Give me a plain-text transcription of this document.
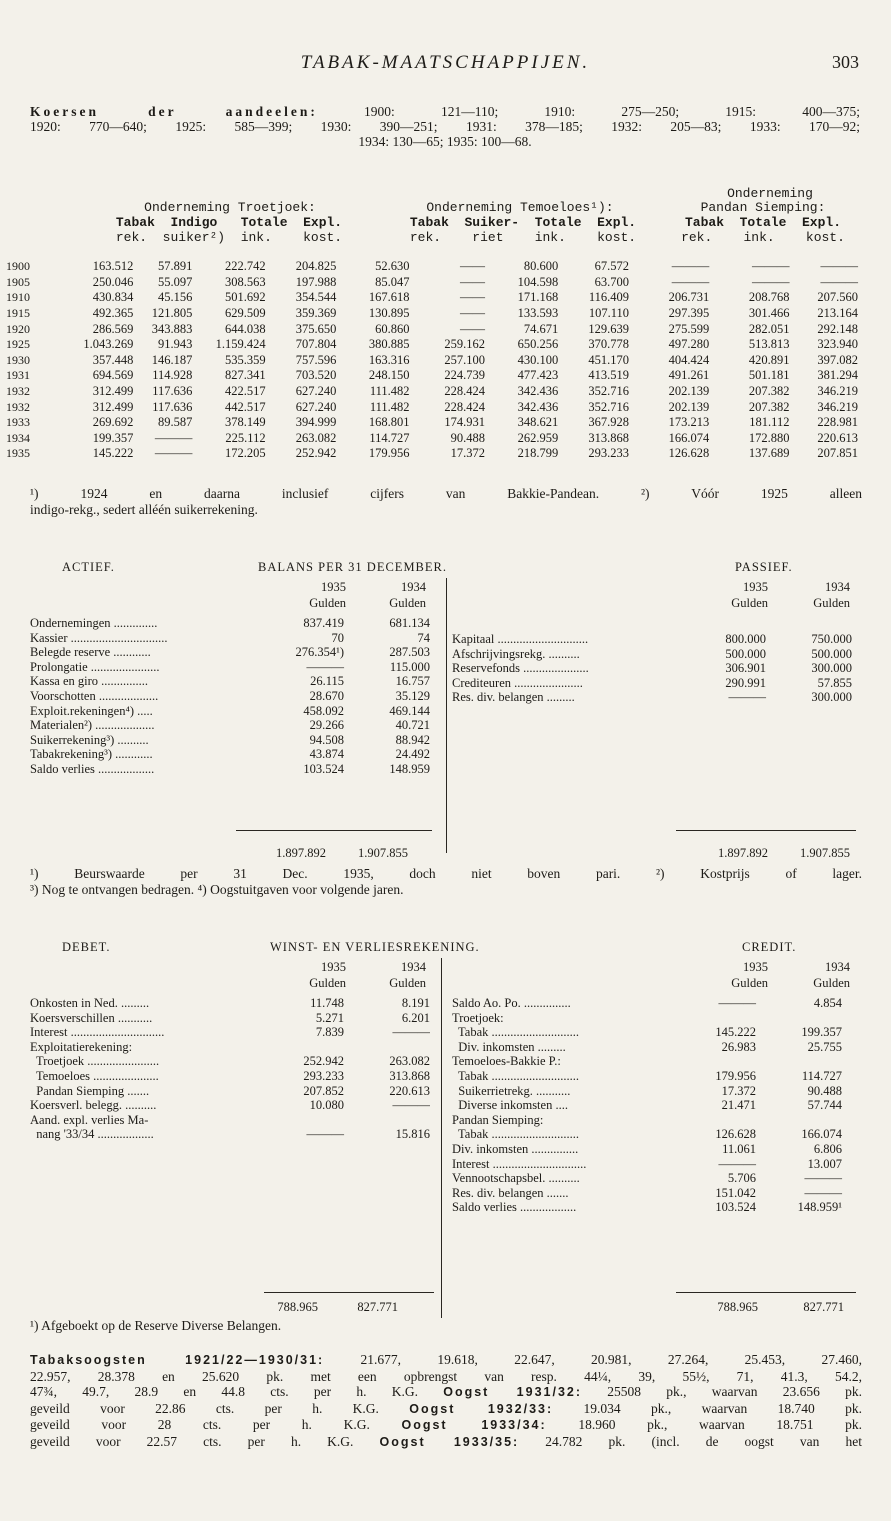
TABAK-MAATSCHAPPIJEN.	303

Koersen der aandeelen:	1900: 121—110; 1910: 275—250; 1915: 400—375;

1920: 770—640; 1925: 585—399; 1930: 390—251; 1931: 378—185; 1932: 205—83; 1933: 170—92;

1934: 130—65; 1935: 100—68.

Onderneming
Onderneming Troetjoek:	Onderneming Temoeloes¹):	Pandan Siemping:
Tabak  Indigo   Totale  Expl.
rek.  suiker²)  ink.    kost.
Tabak  Suiker-  Totale  Expl.
rek.    riet    ink.    kost.
Tabak  Totale  Expl.
rek.    ink.    kost.
1900	163.512	57.891	222.742	204.825	52.630	——	80.600	67.572	———	———	———
1905	250.046	55.097	308.563	197.988	85.047	——	104.598	63.700	———	———	———
1910	430.834	45.156	501.692	354.544	167.618	——	171.168	116.409	206.731	208.768	207.560
1915	492.365	121.805	629.509	359.369	130.895	——	133.593	107.110	297.395	301.466	213.164
1920	286.569	343.883	644.038	375.650	60.860	——	74.671	129.639	275.599	282.051	292.148
1925	1.043.269	91.943	1.159.424	707.804	380.885	259.162	650.256	370.778	497.280	513.813	323.940
1930	357.448	146.187	535.359	757.596	163.316	257.100	430.100	451.170	404.424	420.891	397.082
1931	694.569	114.928	827.341	703.520	248.150	224.739	477.423	413.519	491.261	501.181	381.294
1932	312.499	117.636	422.517	627.240	111.482	228.424	342.436	352.716	202.139	207.382	346.219
1932	312.499	117.636	442.517	627.240	111.482	228.424	342.436	352.716	202.139	207.382	346.219
1933	269.692	89.587	378.149	394.999	168.801	174.931	348.621	367.928	173.213	181.112	228.981
1934	199.357	———	225.112	263.082	114.727	90.488	262.959	313.868	166.074	172.880	220.613
1935	145.222	———	172.205	252.942	179.956	17.372	218.799	293.233	126.628	137.689	207.851
¹) 1924 en daarna inclusief cijfers van Bakkie-Pandean. ²) Vóór 1925 alleen
indigo-rekg., sedert alléén suikerrekening.
ACTIEF.	BALANS PER 31 DECEMBER.	PASSIEF.
1935	1934
Gulden	Gulden
1935	1934
Gulden	Gulden
Ondernemingen ..............	837.419	681.134
Kassier ...............................	70	74
Belegde reserve ............	276.354¹)	287.503
Prolongatie ......................	———	115.000
Kassa en giro ...............	26.115	16.757
Voorschotten ...................	28.670	35.129
Exploit.rekeningen⁴) .....	458.092	469.144
Materialen²) ...................	29.266	40.721
Suikerrekening³) ..........	94.508	88.942
Tabakrekening³) ............	43.874	24.492
Saldo verlies ..................	103.524	148.959
Kapitaal .............................	800.000	750.000
Afschrijvingsrekg. ..........	500.000	500.000
Reservefonds .....................	306.901	300.000
Crediteuren ......................	290.991	57.855
Res. div. belangen .........	———	300.000
1.897.892	1.907.855	1.897.892	1.907.855
¹) Beurswaarde per 31 Dec. 1935, doch niet boven pari. ²) Kostprijs of lager.
³) Nog te ontvangen bedragen. ⁴) Oogstuitgaven voor volgende jaren.
DEBET.	WINST- EN VERLIESREKENING.	CREDIT.
1935	1934
Gulden	Gulden
1935	1934
Gulden	Gulden
Onkosten in Ned. .........	11.748	8.191
Koersverschillen ...........	5.271	6.201
Interest ..............................	7.839	———
Exploitatierekening:
Troetjoek .......................	252.942	263.082
Temoeloes .....................	293.233	313.868
Pandan Siemping .......	207.852	220.613
Koersverl. belegg. ..........	10.080	———
Aand. expl. verlies Ma-
nang '33/34 ..................	———	15.816
Saldo Ao. Po. ...............	———	4.854
Troetjoek:
Tabak ............................	145.222	199.357
Div. inkomsten .........	26.983	25.755
Temoeloes-Bakkie P.:
Tabak ............................	179.956	114.727
Suikerrietrekg. ...........	17.372	90.488
Diverse inkomsten ....	21.471	57.744
Pandan Siemping:
Tabak ............................	126.628	166.074
Div. inkomsten ...............	11.061	6.806
Interest ..............................	———	13.007
Vennootschapsbel. ..........	5.706	———
Res. div. belangen .......	151.042	———
Saldo verlies ..................	103.524	148.959¹
788.965	827.771	788.965	827.771
¹) Afgeboekt op de Reserve Diverse Belangen.

Tabaksoogsten 1921/22—1930/31: 21.677, 19.618, 22.647, 20.981, 27.264, 25.453, 27.460,

22.957, 28.378 en 25.620 pk. met een opbrengst van resp. 44¼, 39, 55½, 71, 41.3, 54.2,

47¾, 49.7, 28.9 en 44.8 cts. per h. K.G. Oogst 1931/32: 25508 pk., waarvan 23.656 pk.

geveild voor 22.86 cts. per h. K.G. Oogst 1932/33: 19.034 pk., waarvan 18.740 pk.

geveild voor 28 cts. per h. K.G. Oogst 1933/34: 18.960 pk., waarvan 18.751 pk.

geveild voor 22.57 cts. per h. K.G. Oogst 1933/35: 24.782 pk. (incl. de oogst van het
